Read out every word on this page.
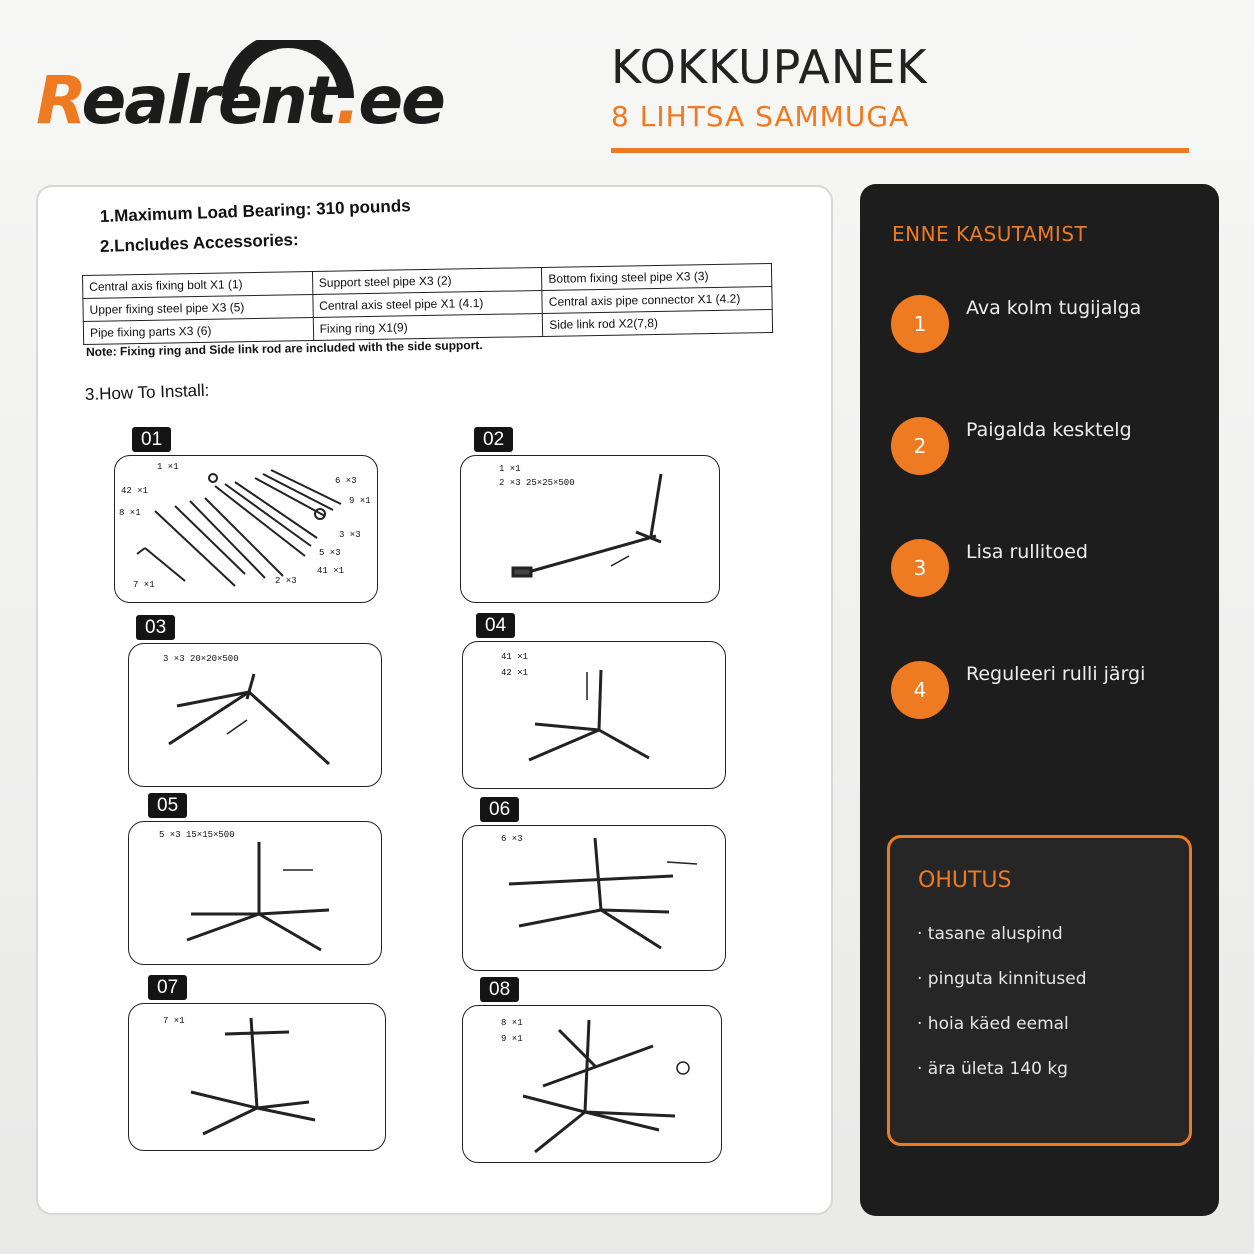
Realrent.ee	KOKKUPANEK
8 LIHTSA SAMMUGA
1.Maximum Load Bearing: 310 pounds
2.Lncludes Accessories:
Central axis fixing bolt X1 (1)	Support steel pipe X3 (2)	Bottom fixing steel pipe X3 (3)
Upper fixing steel pipe X3 (5)	Central axis steel pipe X1 (4.1)	Central axis pipe connector X1 (4.2)
Pipe fixing parts X3 (6)	Fixing ring X1(9)	Side link rod X2(7,8)
Note: Fixing ring and Side link rod are included with the side support.
3.How To Install:
01
1 ×1
6 ×3
42 ×1
9 ×1
8 ×1
3 ×3
5 ×3
41 ×1
2 ×3
7 ×1
02
1 ×1
2 ×3 25×25×500
03
3 ×3 20×20×500
04
41 ×1
42 ×1
05
5 ×3 15×15×500
06
6 ×3
07
7 ×1
08
8 ×1
9 ×1
ENNE KASUTAMIST
1
Ava kolm tugijalga
2
Paigalda kesktelg
3
Lisa rullitoed
4
Reguleeri rulli järgi
OHUTUS
· tasane aluspind
· pinguta kinnitused
· hoia käed eemal
· ära ületa 140 kg
